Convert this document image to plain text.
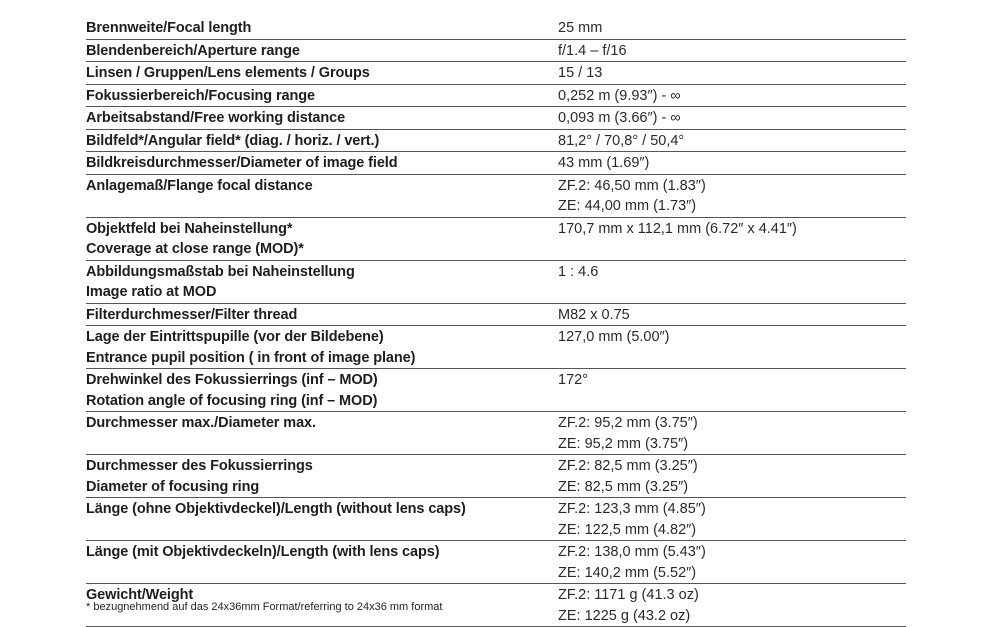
Brennweite/Focal length	25 mm

Blendenbereich/Aperture range	f/1.4 – f/16

Linsen / Gruppen/Lens elements / Groups	15 / 13

Fokussierbereich/Focusing range	0,252 m (9.93″) - ∞

Arbeitsabstand/Free working distance	0,093 m (3.66″) - ∞

Bildfeld*/Angular field* (diag. / horiz. / vert.)	81,2° / 70,8° / 50,4°

Bildkreisdurchmesser/Diameter of image field	43 mm (1.69″)

Anlagemaß/Flange focal distance	ZF.2: 46,50 mm (1.83″)
ZE: 44,00 mm (1.73″)

Objektfeld bei Naheinstellung*
Coverage at close range (MOD)*	170,7 mm x 112,1 mm (6.72″ x 4.41″)

Abbildungsmaßstab bei Naheinstellung
Image ratio at MOD	1 : 4.6

Filterdurchmesser/Filter thread	M82 x 0.75

Lage der Eintrittspupille (vor der Bildebene)
Entrance pupil position ( in front of image plane)	127,0 mm (5.00″)

Drehwinkel des Fokussierrings (inf – MOD)
Rotation angle of focusing ring (inf – MOD)	172°

Durchmesser max./Diameter max.	ZF.2: 95,2 mm (3.75″)
ZE: 95,2 mm (3.75″)

Durchmesser des Fokussierrings
Diameter of focusing ring	ZF.2: 82,5 mm (3.25″)
ZE: 82,5 mm (3.25″)

Länge (ohne Objektivdeckel)/Length (without lens caps)	ZF.2: 123,3 mm (4.85″)
ZE: 122,5 mm (4.82″)

Länge (mit Objektivdeckeln)/Length (with lens caps)	ZF.2: 138,0 mm (5.43″)
ZE: 140,2 mm (5.52″)

Gewicht/Weight	ZF.2: 1171 g (41.3 oz)
ZE: 1225 g (43.2 oz)
* bezugnehmend auf das 24x36mm Format/referring to 24x36 mm format
